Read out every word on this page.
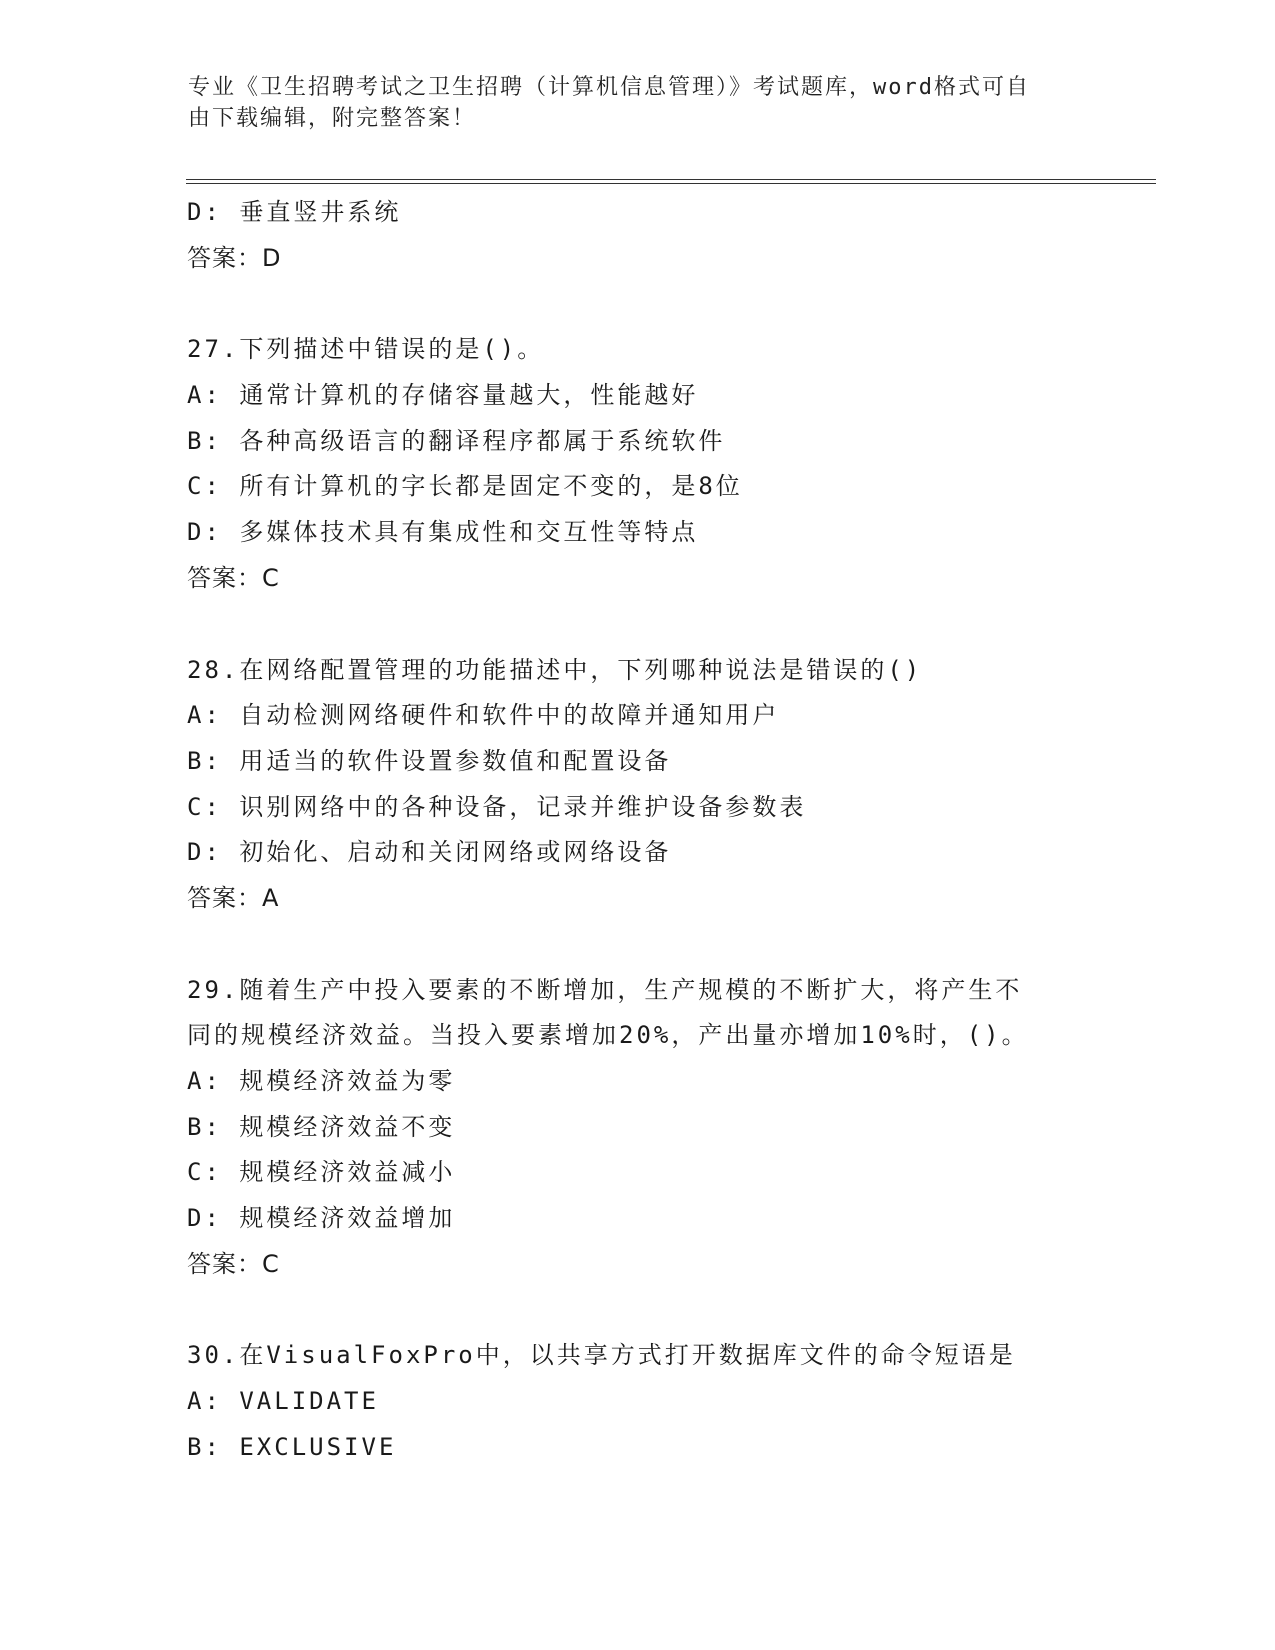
专业《卫生招聘考试之卫生招聘（计算机信息管理）》考试题库，word格式可自
由下载编辑，附完整答案！
D: 垂直竖井系统
答案：D
27.下列描述中错误的是()。
A: 通常计算机的存储容量越大，性能越好
B: 各种高级语言的翻译程序都属于系统软件
C: 所有计算机的字长都是固定不变的，是8位
D: 多媒体技术具有集成性和交互性等特点
答案：C
28.在网络配置管理的功能描述中，下列哪种说法是错误的()
A: 自动检测网络硬件和软件中的故障并通知用户
B: 用适当的软件设置参数值和配置设备
C: 识别网络中的各种设备，记录并维护设备参数表
D: 初始化、启动和关闭网络或网络设备
答案：A
29.随着生产中投入要素的不断增加，生产规模的不断扩大，将产生不
同的规模经济效益。当投入要素增加20%，产出量亦增加10%时，()。
A: 规模经济效益为零
B: 规模经济效益不变
C: 规模经济效益减小
D: 规模经济效益增加
答案：C
30.在VisualFoxPro中，以共享方式打开数据库文件的命令短语是
A: VALIDATE
B: EXCLUSIVE
